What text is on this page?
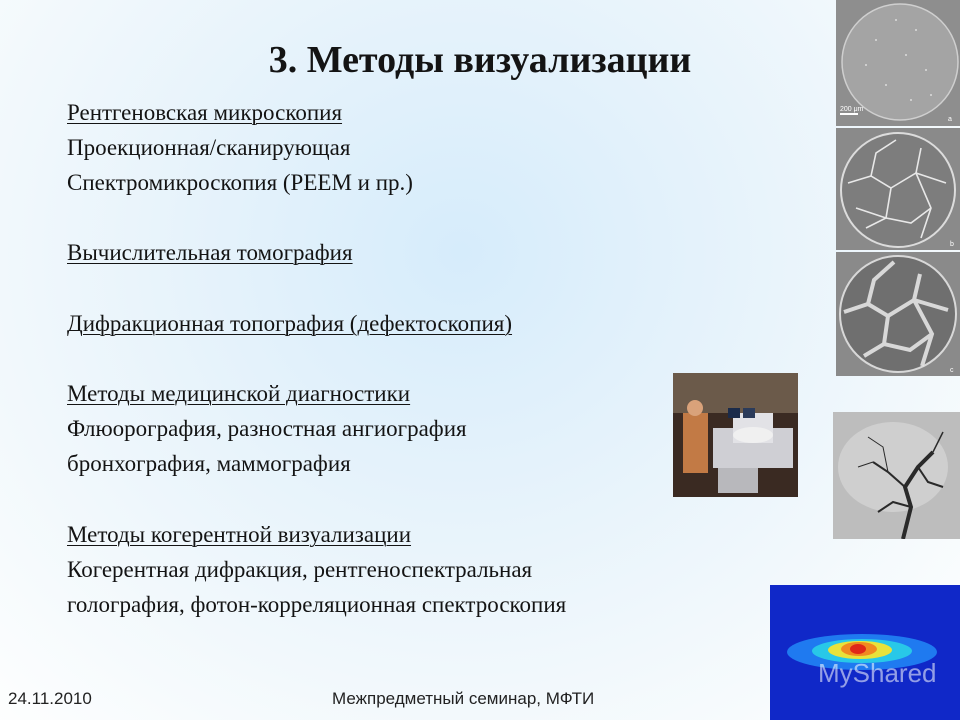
3. Методы визуализации
Рентгеновская микроскопия
Проекционная/сканирующая
Спектромикроскопия (PEEM и пр.)
Вычислительная томография
Дифракционная топография (дефектоскопия)
Методы медицинской диагностики
Флюорография, разностная ангиография
бронхография, маммография
Методы когерентной визуализации
Когерентная дифракция, рентгеноспектральная
голография, фотон-корреляционная спектроскопия
200 μm
a
b
c
MyShared
24.11.2010	Межпредметный семинар, МФТИ
